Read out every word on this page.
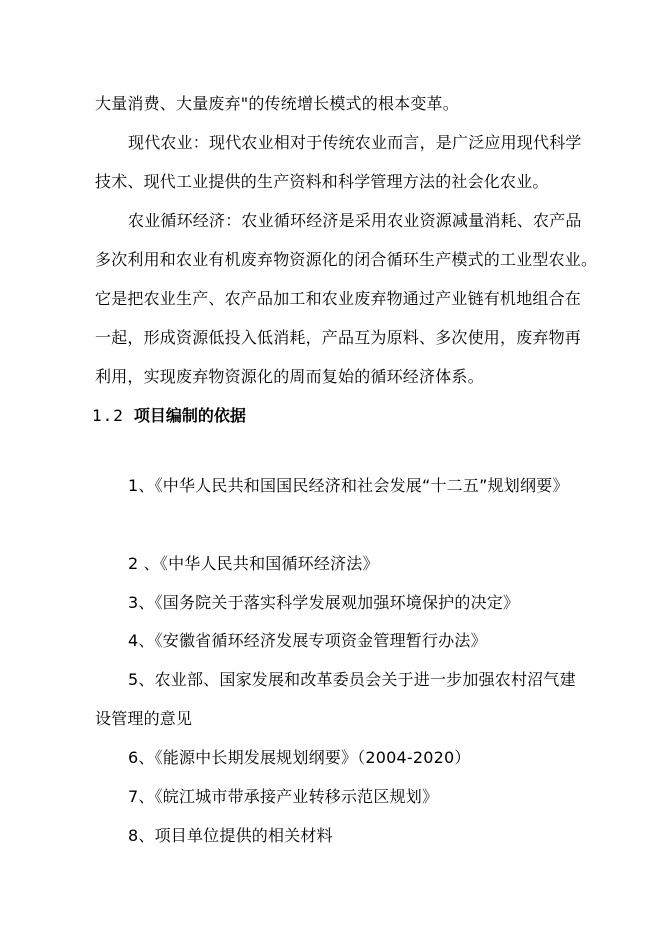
大量消费、大量废弃"的传统增长模式的根本变革。
现代农业：现代农业相对于传统农业而言，是广泛应用现代科学
技术、现代工业提供的生产资料和科学管理方法的社会化农业。
农业循环经济：农业循环经济是采用农业资源减量消耗、农产品
多次利用和农业有机废弃物资源化的闭合循环生产模式的工业型农业。
它是把农业生产、农产品加工和农业废弃物通过产业链有机地组合在
一起，形成资源低投入低消耗，产品互为原料、多次使用，废弃物再
利用，实现废弃物资源化的周而复始的循环经济体系。
1.2 项目编制的依据
1、《中华人民共和国国民经济和社会发展“十二五”规划纲要》
2 、《中华人民共和国循环经济法》
3、《国务院关于落实科学发展观加强环境保护的决定》
4、《安徽省循环经济发展专项资金管理暂行办法》
5、农业部、国家发展和改革委员会关于进一步加强农村沼气建
设管理的意见
6、《能源中长期发展规划纲要》（2004-2020）
7、《皖江城市带承接产业转移示范区规划》
8、项目单位提供的相关材料
